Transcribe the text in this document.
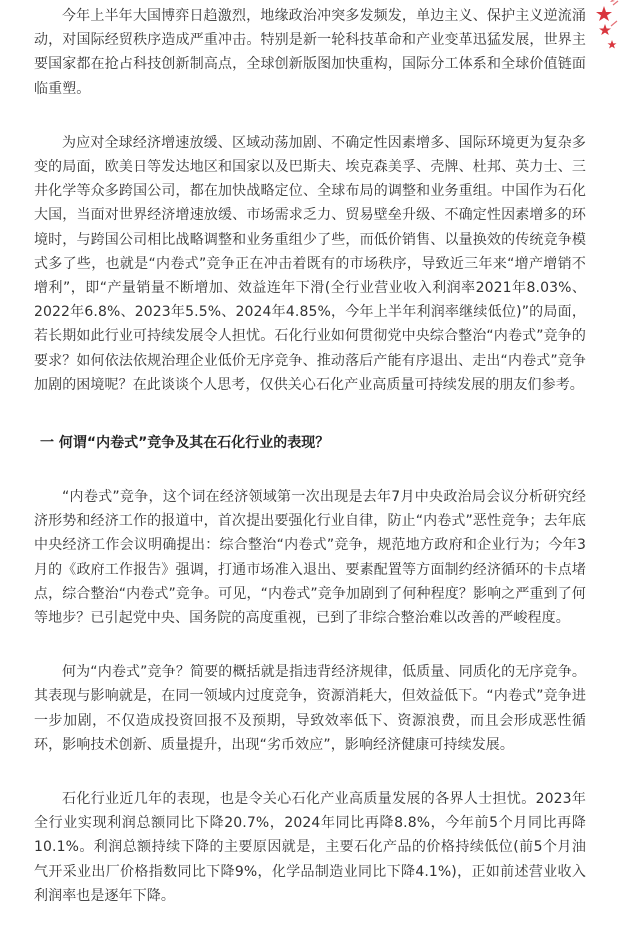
今年上半年大国博弈日趋激烈，地缘政治冲突多发频发，单边主义、保护主义逆流涌动，对国际经贸秩序造成严重冲击。特别是新一轮科技革命和产业变革迅猛发展，世界主要国家都在抢占科技创新制高点，全球创新版图加快重构，国际分工体系和全球价值链面临重塑。

为应对全球经济增速放缓、区域动荡加剧、不确定性因素增多、国际环境更为复杂多变的局面，欧美日等发达地区和国家以及巴斯夫、埃克森美孚、壳牌、杜邦、英力士、三井化学等众多跨国公司，都在加快战略定位、全球布局的调整和业务重组。中国作为石化大国，当面对世界经济增速放缓、市场需求乏力、贸易壁垒升级、不确定性因素增多的环境时，与跨国公司相比战略调整和业务重组少了些，而低价销售、以量换效的传统竞争模式多了些，也就是“内卷式”竞争正在冲击着既有的市场秩序，导致近三年来“增产增销不增利”，即“产量销量不断增加、效益连年下滑(全行业营业收入利润率2021年8.03%、2022年6.8%、2023年5.5%、2024年4.85%，今年上半年利润率继续低位)”的局面，若长期如此行业可持续发展令人担忧。石化行业如何贯彻党中央综合整治“内卷式”竞争的要求？如何依法依规治理企业低价无序竞争、推动落后产能有序退出、走出“内卷式”竞争加剧的困境呢？在此谈谈个人思考，仅供关心石化产业高质量可持续发展的朋友们参考。

一 何谓“内卷式”竞争及其在石化行业的表现？

“内卷式”竞争，这个词在经济领域第一次出现是去年7月中央政治局会议分析研究经济形势和经济工作的报道中，首次提出要强化行业自律，防止“内卷式”恶性竞争；去年底中央经济工作会议明确提出：综合整治“内卷式”竞争，规范地方政府和企业行为；今年3月的《政府工作报告》强调，打通市场准入退出、要素配置等方面制约经济循环的卡点堵点，综合整治“内卷式”竞争。可见，“内卷式”竞争加剧到了何种程度？影响之严重到了何等地步？已引起党中央、国务院的高度重视，已到了非综合整治难以改善的严峻程度。

何为“内卷式”竞争？简要的概括就是指违背经济规律，低质量、同质化的无序竞争。其表现与影响就是，在同一领域内过度竞争，资源消耗大，但效益低下。“内卷式”竞争进一步加剧，不仅造成投资回报不及预期，导致效率低下、资源浪费，而且会形成恶性循环，影响技术创新、质量提升，出现“劣币效应”，影响经济健康可持续发展。

石化行业近几年的表现，也是令关心石化产业高质量发展的各界人士担忧。2023年全行业实现利润总额同比下降20.7%，2024年同比再降8.8%，今年前5个月同比再降10.1%。利润总额持续下降的主要原因就是，主要石化产品的价格持续低位(前5个月油气开采业出厂价格指数同比下降9%，化学品制造业同比下降4.1%)，正如前述营业收入利润率也是逐年下降。
